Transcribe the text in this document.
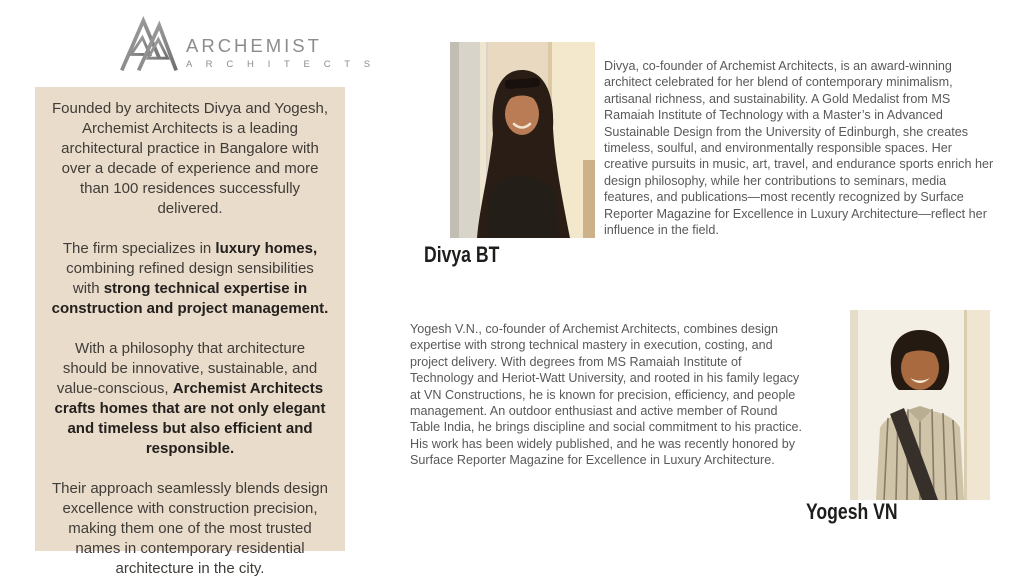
ARCHEMIST
A R C H I T E C T S

Founded by architects Divya and Yogesh, Archemist Architects is a leading architectural practice in Bangalore with over a decade of experience and more than 100 residences successfully delivered.

The firm specializes in luxury homes, combining refined design sensibilities with strong technical expertise in construction and project management.

With a philosophy that architecture should be innovative, sustainable, and value-conscious, Archemist Architects crafts homes that are not only elegant and timeless but also efficient and responsible.

Their approach seamlessly blends design excellence with construction precision, making them one of the most trusted names in contemporary residential architecture in the city.

Divya BT
Divya, co-founder of Archemist Architects, is an award-winning architect celebrated for her blend of contemporary minimalism, artisanal richness, and sustainability. A Gold Medalist from MS Ramaiah Institute of Technology with a Master’s in Advanced Sustainable Design from the University of Edinburgh, she creates timeless, soulful, and environmentally responsible spaces. Her creative pursuits in music, art, travel, and endurance sports enrich her design philosophy, while her contributions to seminars, media features, and publications—most recently recognized by Surface Reporter Magazine for Excellence in Luxury Architecture—reflect her influence in the field.
Yogesh V.N., co-founder of Archemist Architects, combines design expertise with strong technical mastery in execution, costing, and project delivery. With degrees from MS Ramaiah Institute of Technology and Heriot-Watt University, and rooted in his family legacy at VN Constructions, he is known for precision, efficiency, and people management. An outdoor enthusiast and active member of Round Table India, he brings discipline and social commitment to his practice. His work has been widely published, and he was recently honored by Surface Reporter Magazine for Excellence in Luxury Architecture.
Yogesh VN
